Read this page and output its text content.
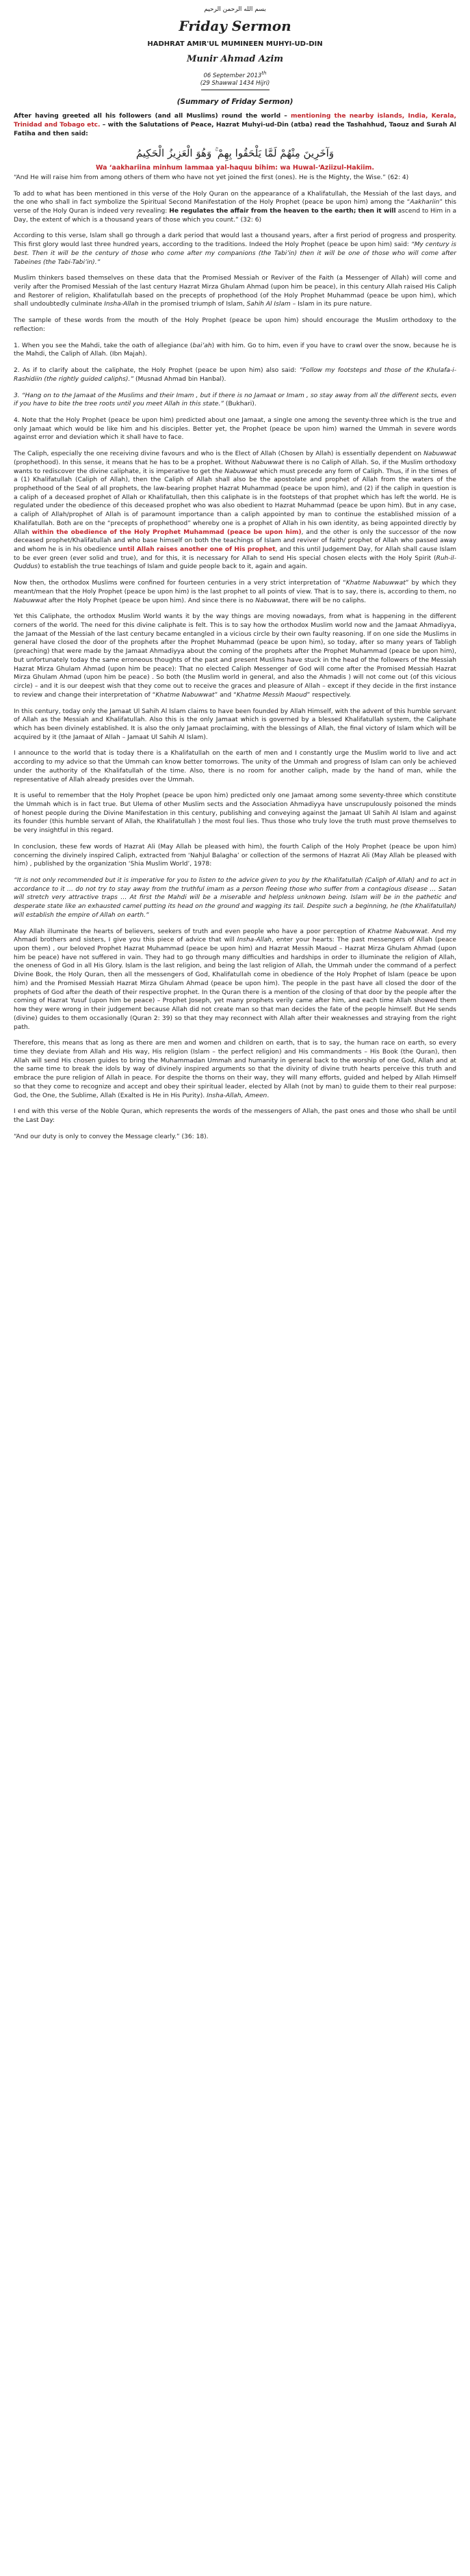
بسم الله الرحمن الرحيم
Friday Sermon
HADHRAT AMIR'UL MUMINEEN MUHYI-UD-DIN
Munir Ahmad Azim
06 September 2013th
(29 Shawwal 1434 Hijri)
(Summary of Friday Sermon)

After having greeted all his followers (and all Muslims) round the world – mentioning the nearby islands, India, Kerala, Trinidad and Tobago etc. – with the Salutations of Peace, Hazrat Muhyi-ud-Din (atba) read the Tashahhud, Taouz and Surah Al Fatiha and then said:

وَآخَرِينَ مِنْهُمْ لَمَّا يَلْحَقُوا بِهِمْ ۚ وَهُوَ الْعَزِيزُ الْحَكِيمُ
Wa ‘aakhariina minhum lammaa yal-haquu bihim: wa Huwal-‘Aziizul-Hakiim.

“And He will raise him from among others of them who have not yet joined the first (ones). He is the Mighty, the Wise.” (62: 4)

To add to what has been mentioned in this verse of the Holy Quran on the appearance of a Khalifatullah, the Messiah of the last days, and the one who shall in fact symbolize the Spiritual Second Manifestation of the Holy Prophet (peace be upon him) among the “Aakhariin” this verse of the Holy Quran is indeed very revealing: He regulates the affair from the heaven to the earth; then it will ascend to Him in a Day, the extent of which is a thousand years of those which you count.” (32: 6)

According to this verse, Islam shall go through a dark period that would last a thousand years, after a first period of progress and prosperity. This first glory would last three hundred years, according to the traditions. Indeed the Holy Prophet (peace be upon him) said: “My century is best. Then it will be the century of those who come after my companions (the Tabi’in) then it will be one of those who will come after Tabeines (the Tabi-Tabi’in).”

Muslim thinkers based themselves on these data that the Promised Messiah or Reviver of the Faith (a Messenger of Allah) will come and verily after the Promised Messiah of the last century Hazrat Mirza Ghulam Ahmad (upon him be peace), in this century Allah raised His Caliph and Restorer of religion, Khalifatullah based on the precepts of prophethood (of the Holy Prophet Muhammad (peace be upon him), which shall undoubtedly culminate Insha-Allah in the promised triumph of Islam, Sahih Al Islam – Islam in its pure nature.

The sample of these words from the mouth of the Holy Prophet (peace be upon him) should encourage the Muslim orthodoxy to the reflection:

1. When you see the Mahdi, take the oath of allegiance (bai’ah) with him. Go to him, even if you have to crawl over the snow, because he is the Mahdi, the Caliph of Allah. (Ibn Majah).

2. As if to clarify about the caliphate, the Holy Prophet (peace be upon him) also said: “Follow my footsteps and those of the Khulafa-i-Rashidiin (the rightly guided caliphs).” (Musnad Ahmad bin Hanbal).

3. “Hang on to the Jamaat of the Muslims and their Imam , but if there is no Jamaat or Imam , so stay away from all the different sects, even if you have to bite the tree roots until you meet Allah in this state.” (Bukhari).

4. Note that the Holy Prophet (peace be upon him) predicted about one Jamaat, a single one among the seventy-three which is the true and only Jamaat which would be like him and his disciples. Better yet, the Prophet (peace be upon him) warned the Ummah in severe words against error and deviation which it shall have to face.

The Caliph, especially the one receiving divine favours and who is the Elect of Allah (Chosen by Allah) is essentially dependent on Nabuwwat (prophethood). In this sense, it means that he has to be a prophet. Without Nabuwwat there is no Caliph of Allah. So, if the Muslim orthodoxy wants to rediscover the divine caliphate, it is imperative to get the Nabuwwat which must precede any form of Caliph. Thus, if in the times of a (1) Khalifatullah (Caliph of Allah), then the Caliph of Allah shall also be the apostolate and prophet of Allah from the waters of the prophethood of the Seal of all prophets, the law-bearing prophet Hazrat Muhammad (peace be upon him), and (2) if the caliph in question is a caliph of a deceased prophet of Allah or Khalifatullah, then this caliphate is in the footsteps of that prophet which has left the world. He is regulated under the obedience of this deceased prophet who was also obedient to Hazrat Muhammad (peace be upon him). But in any case, a caliph of Allah/prophet of Allah is of paramount importance than a caliph appointed by man to continue the established mission of a Khalifatullah. Both are on the “precepts of prophethood” whereby one is a prophet of Allah in his own identity, as being appointed directly by Allah within the obedience of the Holy Prophet Muhammad (peace be upon him), and the other is only the successor of the now deceased prophet/Khalifatullah and who base himself on both the teachings of Islam and reviver of faith/ prophet of Allah who passed away and whom he is in his obedience until Allah raises another one of His prophet, and this until Judgement Day, for Allah shall cause Islam to be ever green (ever solid and true), and for this, it is necessary for Allah to send His special chosen elects with the Holy Spirit (Ruh-il-Quddus) to establish the true teachings of Islam and guide people back to it, again and again.

Now then, the orthodox Muslims were confined for fourteen centuries in a very strict interpretation of “Khatme Nabuwwat” by which they meant/mean that the Holy Prophet (peace be upon him) is the last prophet to all points of view. That is to say, there is, according to them, no Nabuwwat after the Holy Prophet (peace be upon him). And since there is no Nabuwwat, there will be no caliphs.

Yet this Caliphate, the orthodox Muslim World wants it by the way things are moving nowadays, from what is happening in the different corners of the world. The need for this divine caliphate is felt. This is to say how the orthodox Muslim world now and the Jamaat Ahmadiyya, the Jamaat of the Messiah of the last century became entangled in a vicious circle by their own faulty reasoning. If on one side the Muslims in general have closed the door of the prophets after the Prophet Muhammad (peace be upon him), so today, after so many years of Tabligh (preaching) that were made by the Jamaat Ahmadiyya about the coming of the prophets after the Prophet Muhammad (peace be upon him), but unfortunately today the same erroneous thoughts of the past and present Muslims have stuck in the head of the followers of the Messiah Hazrat Mirza Ghulam Ahmad (upon him be peace): That no elected Caliph Messenger of God will come after the Promised Messiah Hazrat Mirza Ghulam Ahmad (upon him be peace) . So both (the Muslim world in general, and also the Ahmadis ) will not come out (of this vicious circle) – and it is our deepest wish that they come out to receive the graces and pleasure of Allah – except if they decide in the first instance to review and change their interpretation of “Khatme Nabuwwat” and “Khatme Messih Maoud” respectively.

In this century, today only the Jamaat Ul Sahih Al Islam claims to have been founded by Allah Himself, with the advent of this humble servant of Allah as the Messiah and Khalifatullah. Also this is the only Jamaat which is governed by a blessed Khalifatullah system, the Caliphate which has been divinely established. It is also the only Jamaat proclaiming, with the blessings of Allah, the final victory of Islam which will be acquired by it (the Jamaat of Allah – Jamaat Ul Sahih Al Islam).

I announce to the world that is today there is a Khalifatullah on the earth of men and I constantly urge the Muslim world to live and act according to my advice so that the Ummah can know better tomorrows. The unity of the Ummah and progress of Islam can only be achieved under the authority of the Khalifatullah of the time. Also, there is no room for another caliph, made by the hand of man, while the representative of Allah already presides over the Ummah.

It is useful to remember that the Holy Prophet (peace be upon him) predicted only one Jamaat among some seventy-three which constitute the Ummah which is in fact true. But Ulema of other Muslim sects and the Association Ahmadiyya have unscrupulously poisoned the minds of honest people during the Divine Manifestation in this century, publishing and conveying against the Jamaat Ul Sahih Al Islam and against its founder (this humble servant of Allah, the Khalifatullah ) the most foul lies. Thus those who truly love the truth must prove themselves to be very insightful in this regard.

In conclusion, these few words of Hazrat Ali (May Allah be pleased with him), the fourth Caliph of the Holy Prophet (peace be upon him) concerning the divinely inspired Caliph, extracted from ‘Nahjul Balagha’ or collection of the sermons of Hazrat Ali (May Allah be pleased with him) , published by the organization ‘Shia Muslim World’, 1978:

“It is not only recommended but it is imperative for you to listen to the advice given to you by the Khalifatullah (Caliph of Allah) and to act in accordance to it … do not try to stay away from the truthful imam as a person fleeing those who suffer from a contagious disease … Satan will stretch very attractive traps … At first the Mahdi will be a miserable and helpless unknown being. Islam will be in the pathetic and desperate state like an exhausted camel putting its head on the ground and wagging its tail. Despite such a beginning, he (the Khalifatullah) will establish the empire of Allah on earth.”

May Allah illuminate the hearts of believers, seekers of truth and even people who have a poor perception of Khatme Nabuwwat. And my Ahmadi brothers and sisters, I give you this piece of advice that will Insha-Allah, enter your hearts: The past messengers of Allah (peace upon them) , our beloved Prophet Hazrat Muhammad (peace be upon him) and Hazrat Messih Maoud – Hazrat Mirza Ghulam Ahmad (upon him be peace) have not suffered in vain. They had to go through many difficulties and hardships in order to illuminate the religion of Allah, the oneness of God in all His Glory. Islam is the last religion, and being the last religion of Allah, the Ummah under the command of a perfect Divine Book, the Holy Quran, then all the messengers of God, Khalifatullah come in obedience of the Holy Prophet of Islam (peace be upon him) and the Promised Messiah Hazrat Mirza Ghulam Ahmad (peace be upon him). The people in the past have all closed the door of the prophets of God after the death of their respective prophet. In the Quran there is a mention of the closing of that door by the people after the coming of Hazrat Yusuf (upon him be peace) – Prophet Joseph, yet many prophets verily came after him, and each time Allah showed them how they were wrong in their judgement because Allah did not create man so that man decides the fate of the people himself. But He sends (divine) guides to them occasionally (Quran 2: 39) so that they may reconnect with Allah after their weaknesses and straying from the right path.

Therefore, this means that as long as there are men and women and children on earth, that is to say, the human race on earth, so every time they deviate from Allah and His way, His religion (Islam – the perfect religion) and His commandments – His Book (the Quran), then Allah will send His chosen guides to bring the Muhammadan Ummah and humanity in general back to the worship of one God, Allah and at the same time to break the idols by way of divinely inspired arguments so that the divinity of divine truth hearts perceive this truth and embrace the pure religion of Allah in peace. For despite the thorns on their way, they will many efforts, guided and helped by Allah Himself so that they come to recognize and accept and obey their spiritual leader, elected by Allah (not by man) to guide them to their real purpose: God, the One, the Sublime, Allah (Exalted is He in His Purity). Insha-Allah, Ameen.

I end with this verse of the Noble Quran, which represents the words of the messengers of Allah, the past ones and those who shall be until the Last Day:

“And our duty is only to convey the Message clearly.” (36: 18).
